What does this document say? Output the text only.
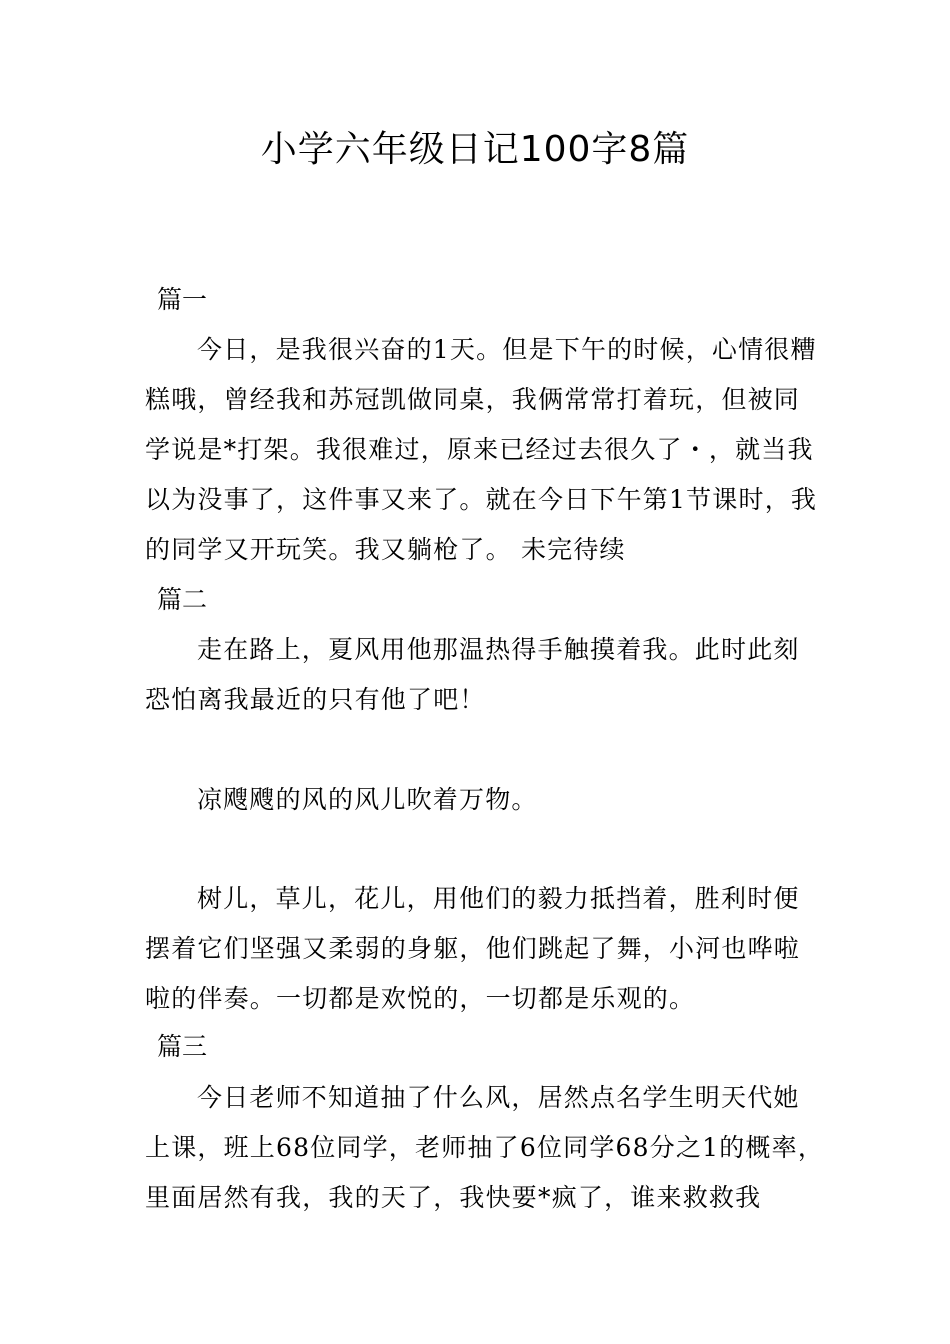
小学六年级日记100字8篇
篇一

今日，是我很兴奋的1天。但是下午的时候，心情很糟糕哦，曾经我和苏冠凯做同桌，我俩常常打着玩，但被同学说是*打架。我很难过，原来已经过去很久了・，就当我以为没事了，这件事又来了。就在今日下午第1节课时，我的同学又开玩笑。我又躺枪了。 未完待续

篇二

走在路上，夏风用他那温热得手触摸着我。此时此刻恐怕离我最近的只有他了吧！

凉飕飕的风的风儿吹着万物。

树儿，草儿，花儿，用他们的毅力抵挡着，胜利时便摆着它们坚强又柔弱的身躯，他们跳起了舞，小河也哗啦啦的伴奏。一切都是欢悦的，一切都是乐观的。

篇三

今日老师不知道抽了什么风，居然点名学生明天代她上课，班上68位同学，老师抽了6位同学68分之1的概率，里面居然有我，我的天了，我快要*疯了，谁来救救我
